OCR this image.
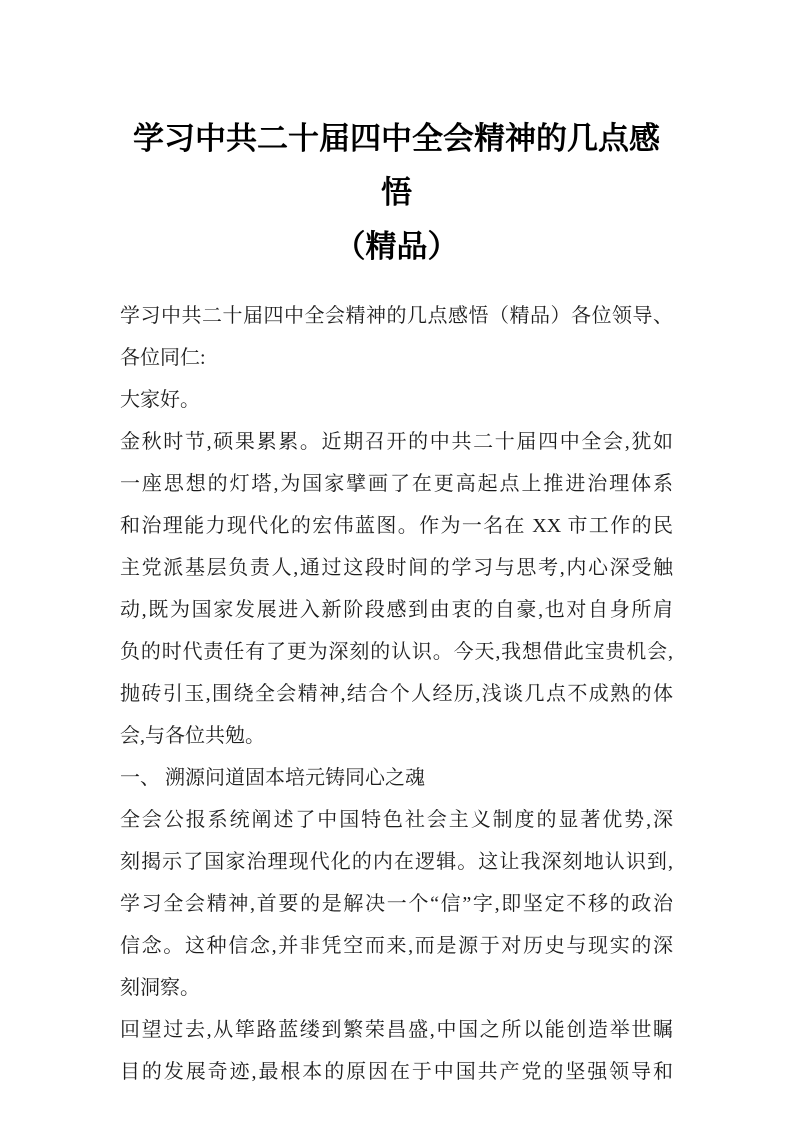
学习中共二十届四中全会精神的几点感悟
（精品）
学习中共二十届四中全会精神的几点感悟（精品）各位领导、
各位同仁:
大家好。
金秋时节,硕果累累。近期召开的中共二十届四中全会,犹如
一座思想的灯塔,为国家擘画了在更高起点上推进治理体系
和治理能力现代化的宏伟蓝图。作为一名在 XX 市工作的民
主党派基层负责人,通过这段时间的学习与思考,内心深受触
动,既为国家发展进入新阶段感到由衷的自豪,也对自身所肩
负的时代责任有了更为深刻的认识。今天,我想借此宝贵机会,
抛砖引玉,围绕全会精神,结合个人经历,浅谈几点不成熟的体
会,与各位共勉。
一、 溯源问道固本培元铸同心之魂
全会公报系统阐述了中国特色社会主义制度的显著优势,深
刻揭示了国家治理现代化的内在逻辑。这让我深刻地认识到,
学习全会精神,首要的是解决一个“信”字,即坚定不移的政治
信念。这种信念,并非凭空而来,而是源于对历史与现实的深
刻洞察。
回望过去,从筚路蓝缕到繁荣昌盛,中国之所以能创造举世瞩
目的发展奇迹,最根本的原因在于中国共产党的坚强领导和
